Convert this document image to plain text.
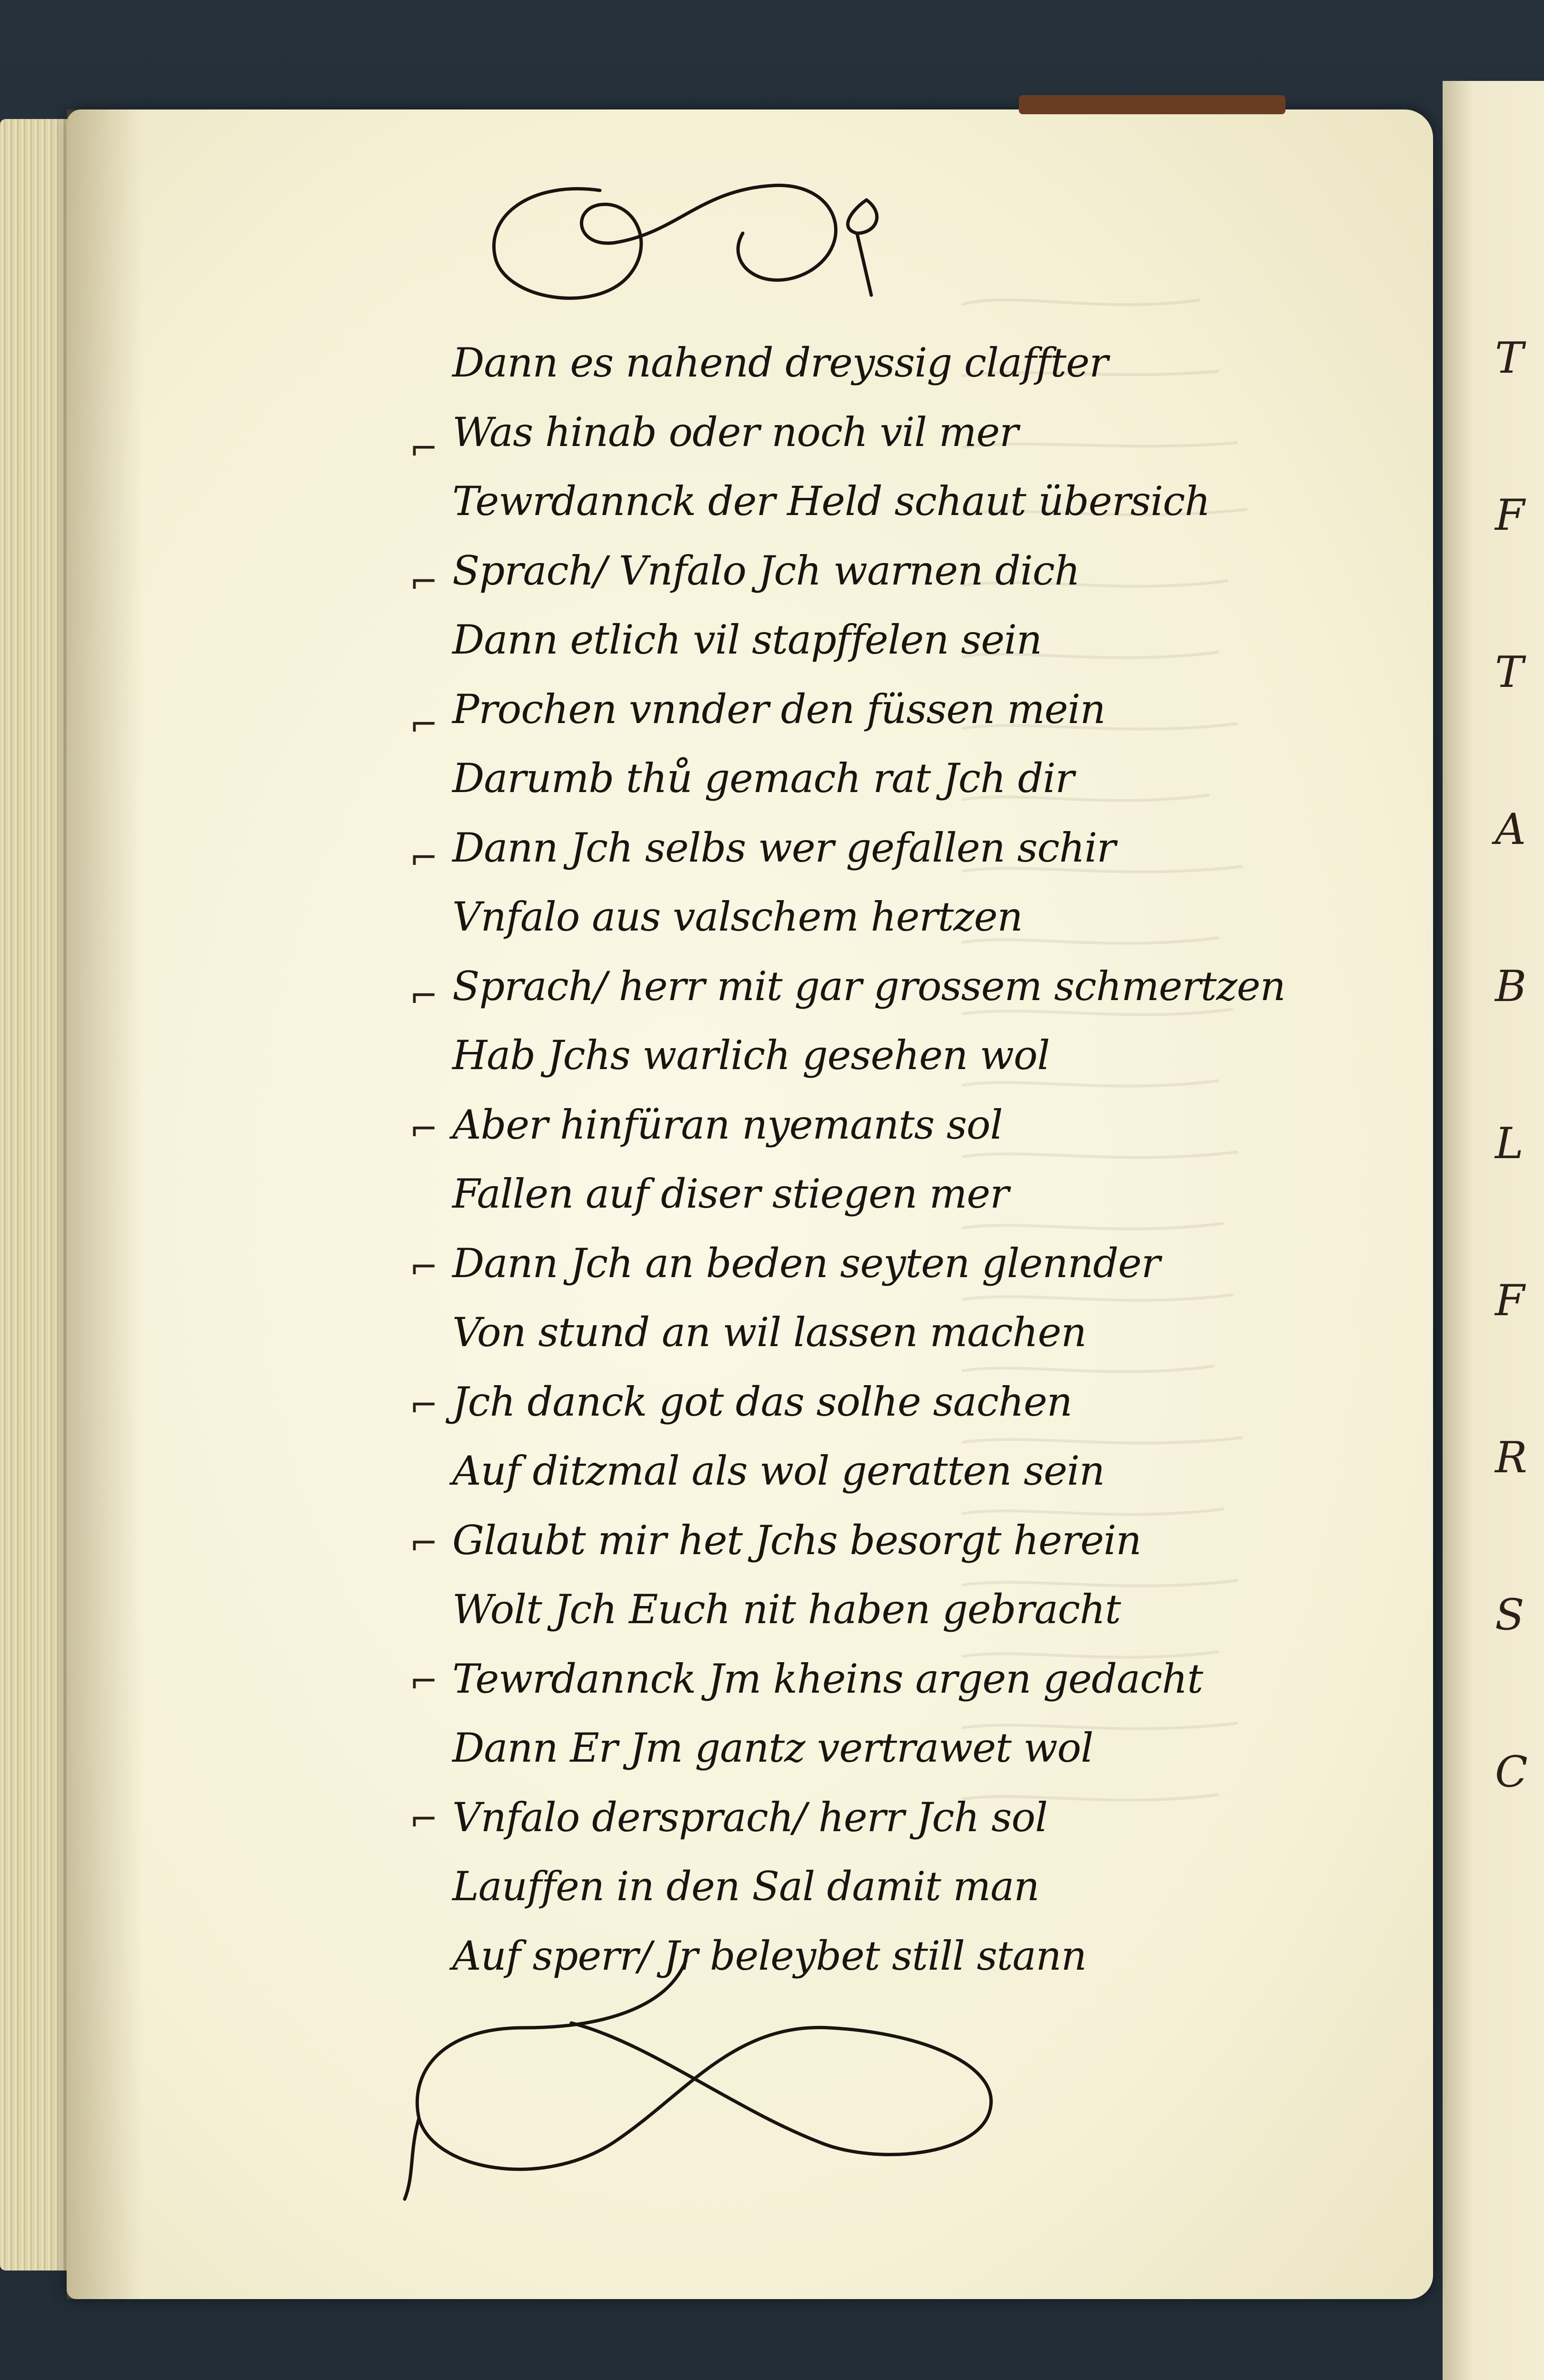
⌐
⌐
⌐
⌐
⌐
⌐
⌐
⌐
⌐
⌐
⌐
Dann es nahend dreyssig claffter
Was hinab oder noch vil mer
Tewrdannck der Held schaut übersich
Sprach/ Vnfalo Jch warnen dich
Dann etlich vil stapffelen sein
Prochen vnnder den füssen mein
Darumb thů gemach rat Jch dir
Dann Jch selbs wer gefallen schir
Vnfalo aus valschem hertzen
Sprach/ herr mit gar grossem schmertzen
Hab Jchs warlich gesehen wol
Aber hinfüran nyemants sol
Fallen auf diser stiegen mer
Dann Jch an beden seyten glennder
Von stund an wil lassen machen
Jch danck got das solhe sachen
Auf ditzmal als wol geratten sein
Glaubt mir het Jchs besorgt herein
Wolt Jch Euch nit haben gebracht
Tewrdannck Jm kheins argen gedacht
Dann Er Jm gantz vertrawet wol
Vnfalo dersprach/ herr Jch sol
Lauffen in den Sal damit man
Auf sperr/ Jr beleybet still stann
T
F
T
A
B
L
F
R
S
C
